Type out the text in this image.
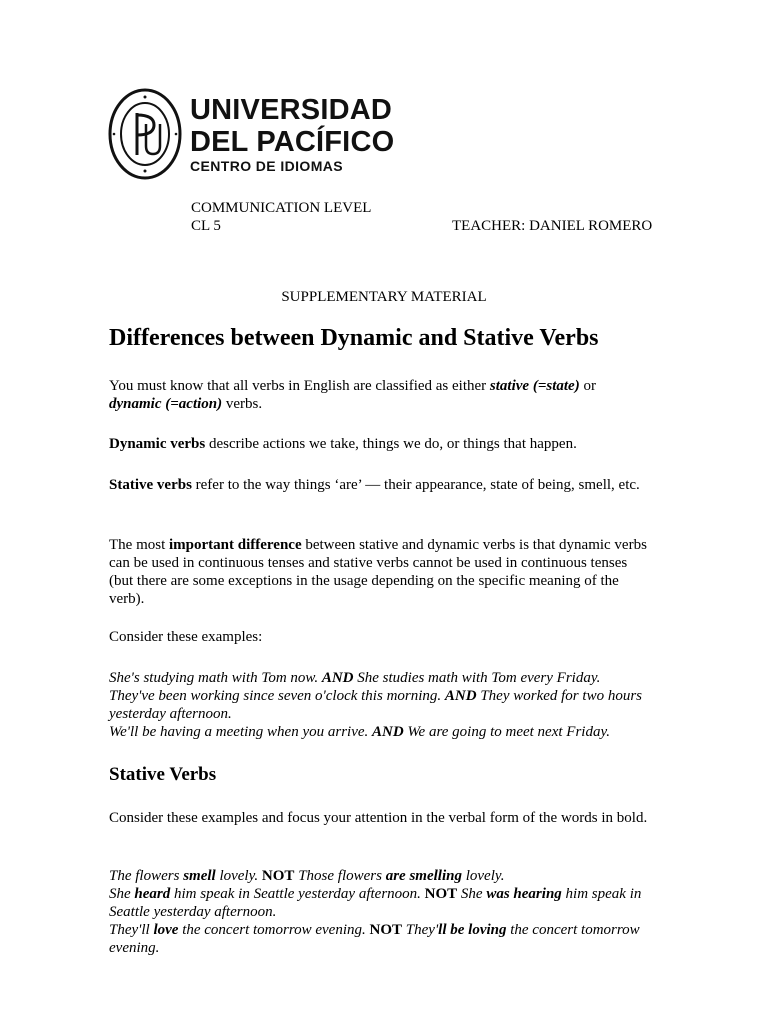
UNIVERSIDAD
DEL PACÍFICO
CENTRO DE IDIOMAS
COMMUNICATION LEVEL
CL 5	TEACHER: DANIEL ROMERO
SUPPLEMENTARY MATERIAL
Differences between Dynamic and Stative Verbs
You must know that all verbs in English are classified as either stative (=state) or dynamic (=action) verbs.
Dynamic verbs describe actions we take, things we do, or things that happen.
Stative verbs refer to the way things ‘are’ — their appearance, state of being, smell, etc.
The most important difference between stative and dynamic verbs is that dynamic verbs can be used in continuous tenses and stative verbs cannot be used in continuous tenses (but there are some exceptions in the usage depending on the specific meaning of the verb).
Consider these examples:
She's studying math with Tom now. AND She studies math with Tom every Friday.
They've been working since seven o'clock this morning. AND They worked for two hours yesterday afternoon.
We'll be having a meeting when you arrive. AND We are going to meet next Friday.
Stative Verbs
Consider these examples and focus your attention in the verbal form of the words in bold.
The flowers smell lovely. NOT Those flowers are smelling lovely.
She heard him speak in Seattle yesterday afternoon. NOT She was hearing him speak in Seattle yesterday afternoon.
They'll love the concert tomorrow evening. NOT They'll be loving the concert tomorrow evening.
